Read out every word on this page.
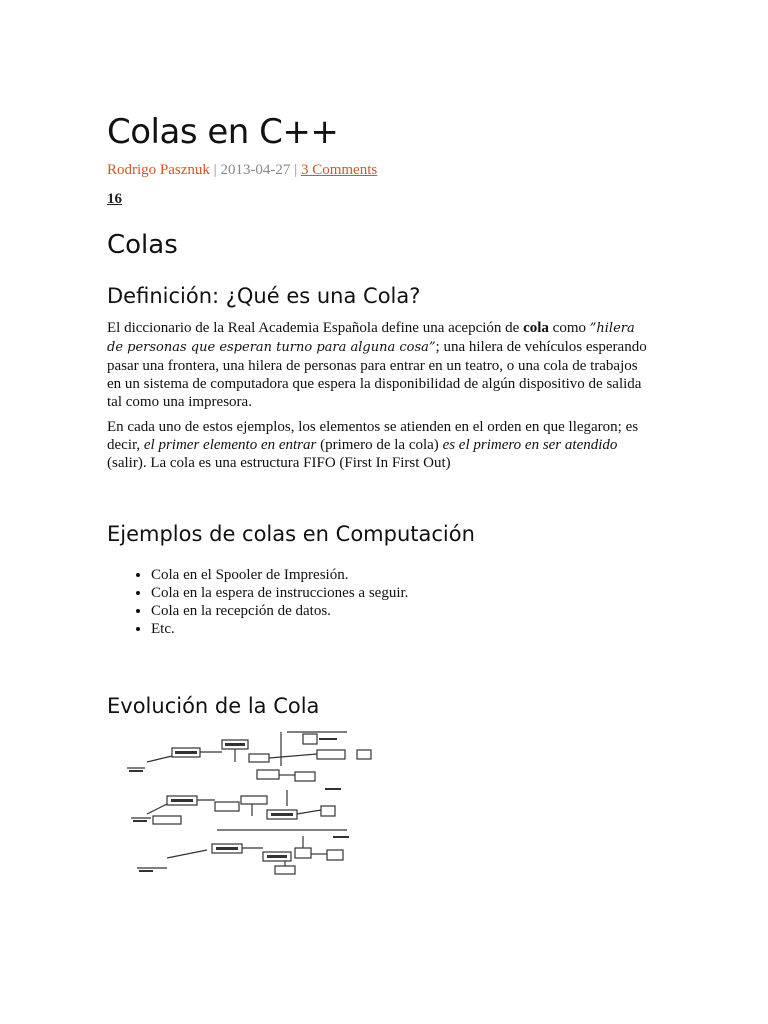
Colas en C++
Rodrigo Pasznuk | 2013-04-27 | 3 Comments
16
Colas
Definición: ¿Qué es una Cola?

El diccionario de la Real Academia Española define una acepción de cola como ”hilera de personas que esperan turno para alguna cosa”; una hilera de vehículos esperando pasar una frontera, una hilera de personas para entrar en un teatro, o una cola de trabajos en un sistema de computadora que espera la disponibilidad de algún dispositivo de salida tal como una impresora.

En cada uno de estos ejemplos, los elementos se atienden en el orden en que llegaron; es decir, el primer elemento en entrar (primero de la cola) es el primero en ser atendido (salir). La cola es una estructura FIFO (First In First Out)

Ejemplos de colas en Computación
• Cola en el Spooler de Impresión.
• Cola en la espera de instrucciones a seguir.
• Cola en la recepción de datos.
• Etc.
Evolución de la Cola
